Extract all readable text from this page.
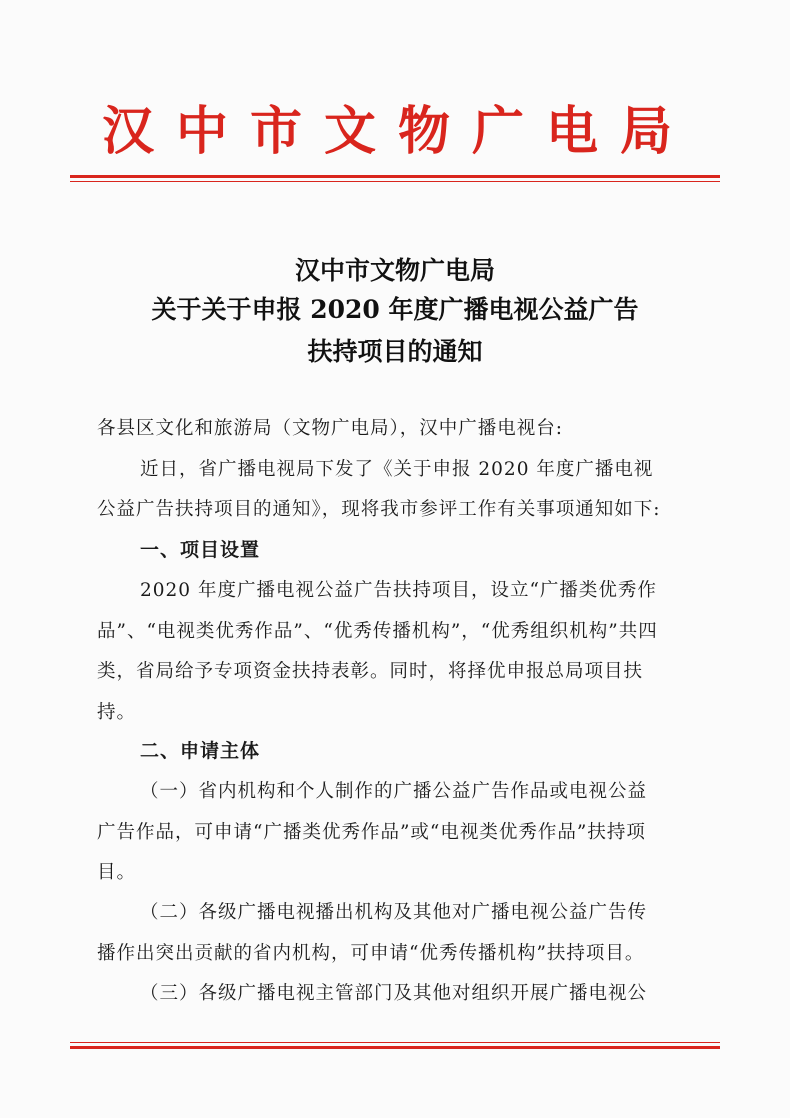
汉中市文物广电局
汉中市文物广电局
关于关于申报 2020 年度广播电视公益广告
扶持项目的通知
各县区文化和旅游局（文物广电局），汉中广播电视台:
近日，省广播电视局下发了《关于申报 2020 年度广播电视
公益广告扶持项目的通知》，现将我市参评工作有关事项通知如下:
一、项目设置
2020 年度广播电视公益广告扶持项目，设立“广播类优秀作
品”、“电视类优秀作品”、“优秀传播机构”，“优秀组织机构”共四
类，省局给予专项资金扶持表彰。同时，将择优申报总局项目扶
持。
二、申请主体
（一）省内机构和个人制作的广播公益广告作品或电视公益
广告作品，可申请“广播类优秀作品”或“电视类优秀作品”扶持项
目。
（二）各级广播电视播出机构及其他对广播电视公益广告传
播作出突出贡献的省内机构，可申请“优秀传播机构”扶持项目。
（三）各级广播电视主管部门及其他对组织开展广播电视公
